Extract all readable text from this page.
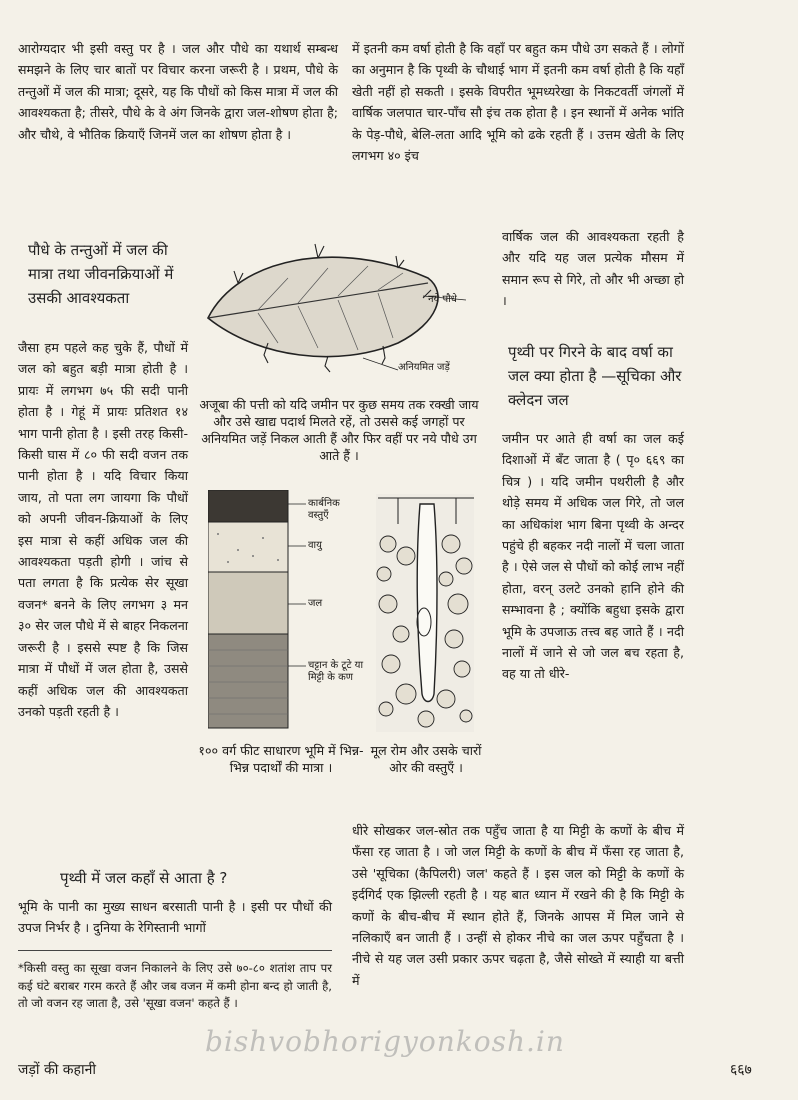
आरोग्यदार भी इसी वस्तु पर है । जल और पौधे का यथार्थ सम्बन्ध समझने के लिए चार बातों पर विचार करना जरूरी है । प्रथम, पौधे के तन्तुओं में जल की मात्रा; दूसरे, यह कि पौधों को किस मात्रा में जल की आवश्यकता है; तीसरे, पौधे के वे अंग जिनके द्वारा जल-शोषण होता है; और चौथे, वे भौतिक क्रियाएँ जिनमें जल का शोषण होता है ।
पौधे के तन्तुओं में जल की मात्रा तथा जीवनक्रियाओं में उसकी आवश्यकता
जैसा हम पहले कह चुके हैं, पौधों में जल को बहुत बड़ी मात्रा होती है । प्रायः में लगभग ७५ फी सदी पानी होता है । गेहूं में प्रायः प्रतिशत १४ भाग पानी होता है । इसी तरह किसी-किसी घास में ८० फी सदी वजन तक पानी होता है । यदि विचार किया जाय, तो पता लग जायगा कि पौधों को अपनी जीवन-क्रियाओं के लिए इस मात्रा से कहीं अधिक जल की आवश्यकता पड़ती होगी । जांच से पता लगता है कि प्रत्येक सेर सूखा वजन* बनने के लिए लगभग ३ मन ३० सेर जल पौधे में से बाहर निकलना जरूरी है । इससे स्पष्ट है कि जिस मात्रा में पौधों में जल होता है, उससे कहीं अधिक जल की आवश्यकता उनको पड़ती रहती है ।
नये पौधे
अनियमित जड़ें
अजूबा की पत्ती को यदि जमीन पर कुछ समय तक रक्खी जाय और उसे खाद्य पदार्थ मिलते रहें, तो उससे कई जगहों पर अनियमित जड़ें निकल आती हैं और फिर वहीं पर नये पौधे उग आते हैं ।
कार्बनिक वस्तुएँ
वायु
जल
चट्टान के टूटे या मिट्टी के कण
१०० वर्ग फीट साधारण भूमि में भिन्न-भिन्न पदार्थों की मात्रा ।
मूल रोम और उसके चारों ओर की वस्तुएँ ।
पृथ्वी में जल कहाँ से आता है ?
भूमि के पानी का मुख्य साधन बरसाती पानी है । इसी पर पौधों की उपज निर्भर है । दुनिया के रेगिस्तानी भागों
*किसी वस्तु का सूखा वजन निकालने के लिए उसे ७०-८० शतांश ताप पर कई घंटे बराबर गरम करते हैं और जब वजन में कमी होना बन्द हो जाती है, तो जो वजन रह जाता है, उसे 'सूखा वजन' कहते हैं ।
में इतनी कम वर्षा होती है कि वहाँ पर बहुत कम पौधे उग सकते हैं । लोगों का अनुमान है कि पृथ्वी के चौथाई भाग में इतनी कम वर्षा होती है कि यहाँ खेती नहीं हो सकती । इसके विपरीत भूमध्यरेखा के निकटवर्ती जंगलों में वार्षिक जलपात चार-पाँच सौ इंच तक होता है । इन स्थानों में अनेक भांति के पेड़-पौधे, बेलि-लता आदि भूमि को ढके रहती हैं । उत्तम खेती के लिए लगभग ४० इंच
वार्षिक जल की आवश्यकता रहती है और यदि यह जल प्रत्येक मौसम में समान रूप से गिरे, तो और भी अच्छा हो ।
पृथ्वी पर गिरने के बाद वर्षा का जल क्या होता है —सूचिका और क्लेदन जल
जमीन पर आते ही वर्षा का जल कई दिशाओं में बँट जाता है ( पृ० ६६९ का चित्र ) । यदि जमीन पथरीली है और थोड़े समय में अधिक जल गिरे, तो जल का अधिकांश भाग बिना पृथ्वी के अन्दर पहुंचे ही बहकर नदी नालों में चला जाता है । ऐसे जल से पौधों को कोई लाभ नहीं होता, वरन् उलटे उनको हानि होने की सम्भावना है ; क्योंकि बहुधा इसके द्वारा भूमि के उपजाऊ तत्त्व बह जाते हैं । नदी नालों में जाने से जो जल बच रहता है, वह या तो धीरे-
धीरे सोखकर जल-स्रोत तक पहुँच जाता है या मिट्टी के कणों के बीच में फँसा रह जाता है । जो जल मिट्टी के कणों के बीच में फँसा रह जाता है, उसे 'सूचिका (कैपिलरी) जल' कहते हैं । इस जल को मिट्टी के कणों के इर्दगिर्द एक झिल्ली रहती है । यह बात ध्यान में रखने की है कि मिट्टी के कणों के बीच-बीच में स्थान होते हैं, जिनके आपस में मिल जाने से नलिकाएँ बन जाती हैं । उन्हीं से होकर नीचे का जल ऊपर पहुँचता है । नीचे से यह जल उसी प्रकार ऊपर चढ़ता है, जैसे सोख्ते में स्याही या बत्ती में
bishvobhorigyonkosh.in
जड़ों की कहानी	६६७
